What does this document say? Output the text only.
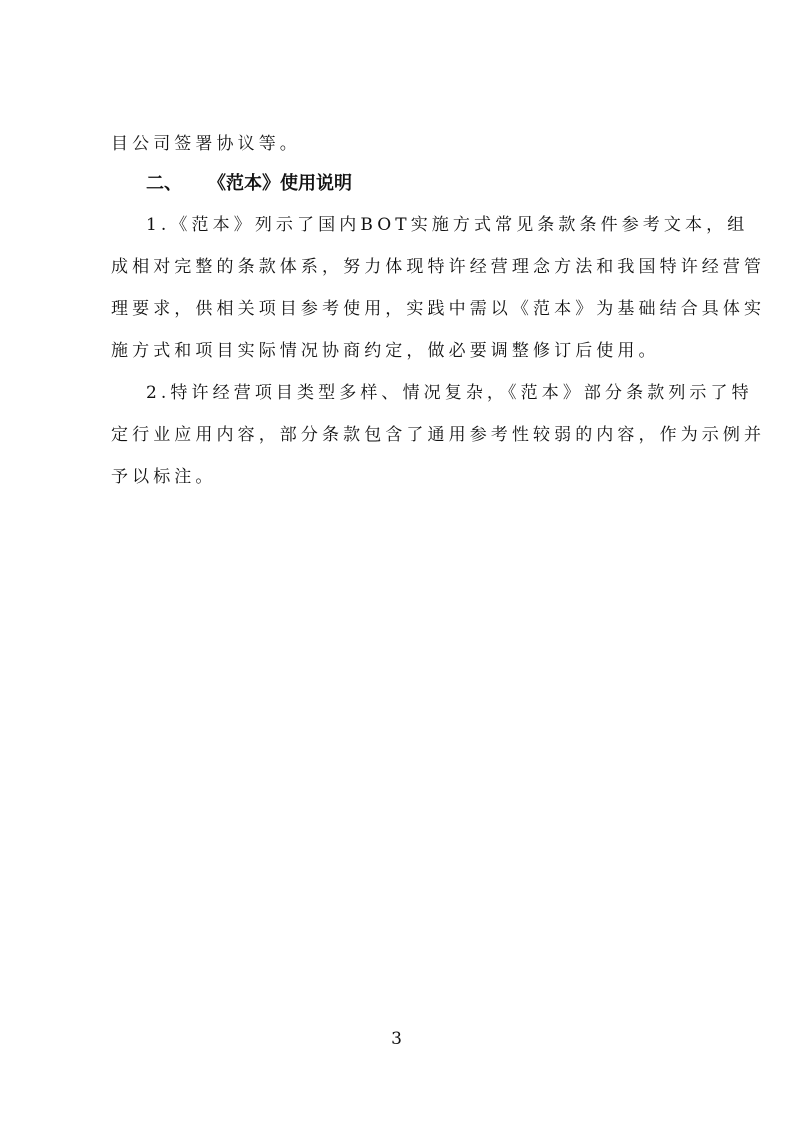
目公司签署协议等。
二、 《范本》使用说明
1.《范本》列示了国内BOT实施方式常见条款条件参考文本，组
成相对完整的条款体系，努力体现特许经营理念方法和我国特许经营管
理要求，供相关项目参考使用，实践中需以《范本》为基础结合具体实
施方式和项目实际情况协商约定，做必要调整修订后使用。
2.特许经营项目类型多样、情况复杂，《范本》部分条款列示了特
定行业应用内容，部分条款包含了通用参考性较弱的内容，作为示例并
予以标注。
3
